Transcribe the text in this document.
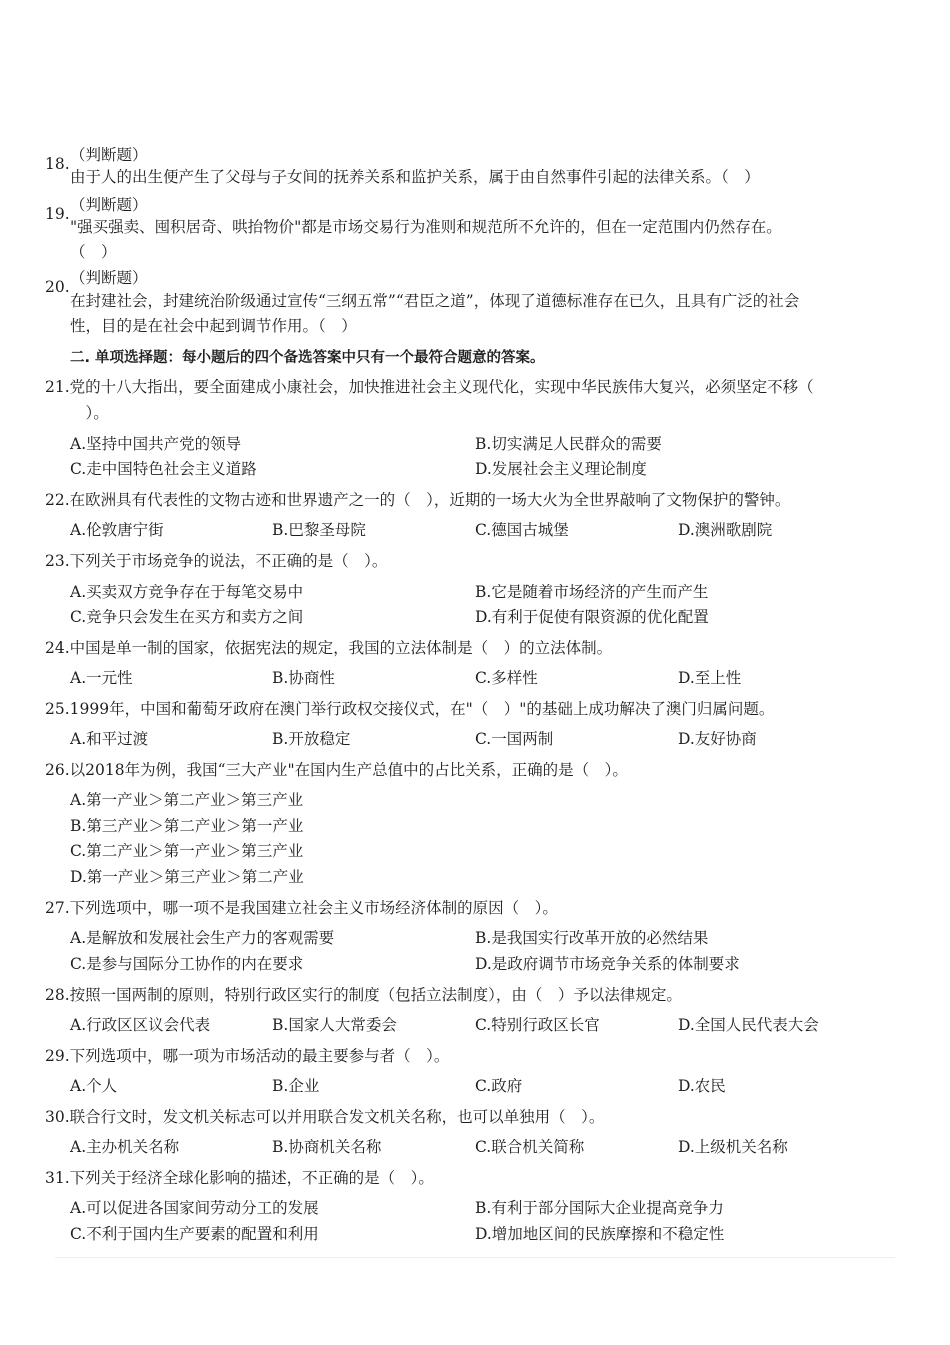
18. （判断题）
由于人的出生便产生了父母与子女间的抚养关系和监护关系，属于由自然事件引起的法律关系。（　）
19. （判断题）
"强买强卖、囤积居奇、哄抬物价"都是市场交易行为准则和规范所不允许的，但在一定范围内仍然存在。
（　）
20. （判断题）
在封建社会，封建统治阶级通过宣传“三纲五常”“君臣之道”，体现了道德标准存在已久，且具有广泛的社会
性，目的是在社会中起到调节作用。（　）
二. 单项选择题：每小题后的四个备选答案中只有一个最符合题意的答案。
21.党的十八大指出，要全面建成小康社会，加快推进社会主义现代化，实现中华民族伟大复兴，必须坚定不移（
　）。
A.坚持中国共产党的领导	B.切实满足人民群众的需要
C.走中国特色社会主义道路	D.发展社会主义理论制度
22.在欧洲具有代表性的文物古迹和世界遗产之一的（　），近期的一场大火为全世界敲响了文物保护的警钟。
A.伦敦唐宁街	B.巴黎圣母院	C.德国古城堡	D.澳洲歌剧院
23.下列关于市场竞争的说法，不正确的是（　）。
A.买卖双方竞争存在于每笔交易中	B.它是随着市场经济的产生而产生
C.竞争只会发生在买方和卖方之间	D.有利于促使有限资源的优化配置
24.中国是单一制的国家，依据宪法的规定，我国的立法体制是（　）的立法体制。
A.一元性	B.协商性	C.多样性	D.至上性
25.1999年，中国和葡萄牙政府在澳门举行政权交接仪式，在"（　）"的基础上成功解决了澳门归属问题。
A.和平过渡	B.开放稳定	C.一国两制	D.友好协商
26.以2018年为例，我国“三大产业"在国内生产总值中的占比关系，正确的是（　）。
A.第一产业＞第二产业＞第三产业
B.第三产业＞第二产业＞第一产业
C.第二产业＞第一产业＞第三产业
D.第一产业＞第三产业＞第二产业
27.下列选项中，哪一项不是我国建立社会主义市场经济体制的原因（　）。
A.是解放和发展社会生产力的客观需要	B.是我国实行改革开放的必然结果
C.是参与国际分工协作的内在要求	D.是政府调节市场竞争关系的体制要求
28.按照一国两制的原则，特别行政区实行的制度（包括立法制度），由（　）予以法律规定。
A.行政区区议会代表	B.国家人大常委会	C.特别行政区长官	D.全国人民代表大会
29.下列选项中，哪一项为市场活动的最主要参与者（　）。
A.个人	B.企业	C.政府	D.农民
30.联合行文时，发文机关标志可以并用联合发文机关名称，也可以单独用（　）。
A.主办机关名称	B.协商机关名称	C.联合机关简称	D.上级机关名称
31.下列关于经济全球化影响的描述，不正确的是（　）。
A.可以促进各国家间劳动分工的发展	B.有利于部分国际大企业提高竞争力
C.不利于国内生产要素的配置和利用	D.增加地区间的民族摩擦和不稳定性
